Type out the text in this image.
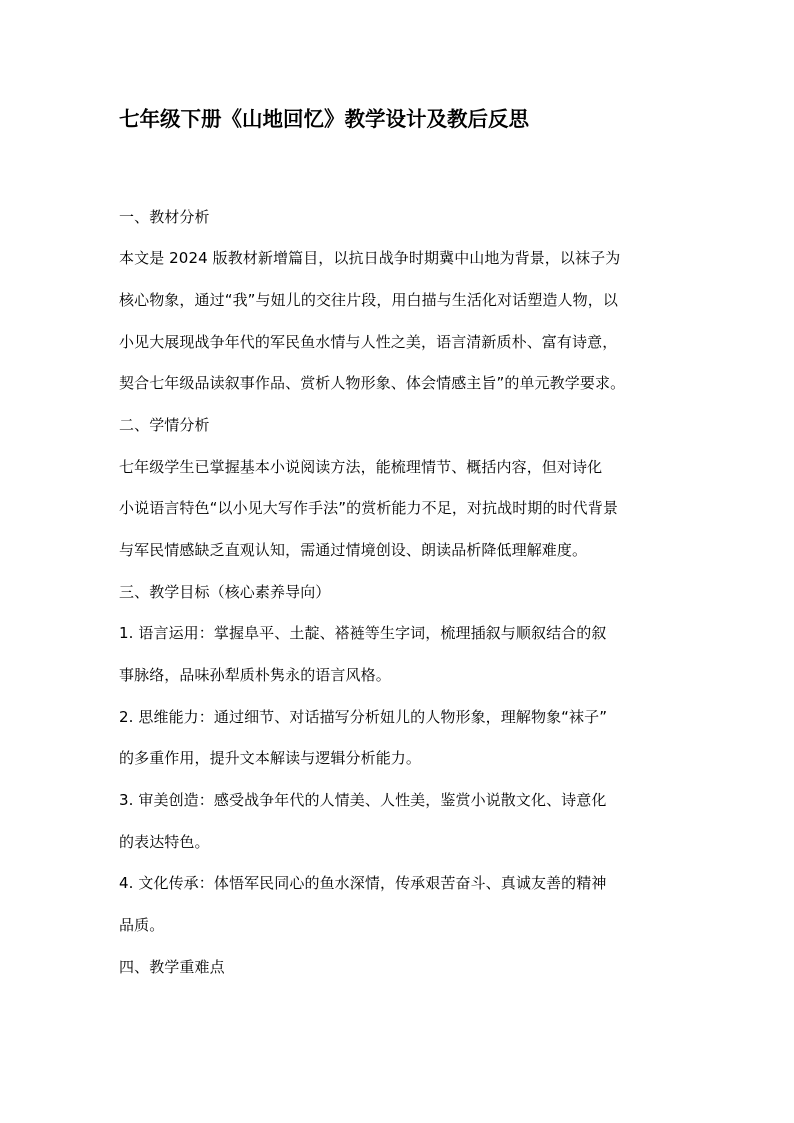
七年级下册《山地回忆》教学设计及教后反思
一、教材分析
本文是 2024 版教材新增篇目，以抗日战争时期冀中山地为背景，以袜子为
核心物象，通过“我”与妞儿的交往片段，用白描与生活化对话塑造人物，以
小见大展现战争年代的军民鱼水情与人性之美，语言清新质朴、富有诗意，
契合七年级品读叙事作品、赏析人物形象、体会情感主旨”的单元教学要求。
二、学情分析
七年级学生已掌握基本小说阅读方法，能梳理情节、概括内容，但对诗化
小说语言特色“以小见大写作手法”的赏析能力不足，对抗战时期的时代背景
与军民情感缺乏直观认知，需通过情境创设、朗读品析降低理解难度。
三、教学目标（核心素养导向）
1. 语言运用：掌握阜平、土靛、褡裢等生字词，梳理插叙与顺叙结合的叙
事脉络，品味孙犁质朴隽永的语言风格。
2. 思维能力：通过细节、对话描写分析妞儿的人物形象，理解物象“袜子”
的多重作用，提升文本解读与逻辑分析能力。
3. 审美创造：感受战争年代的人情美、人性美，鉴赏小说散文化、诗意化
的表达特色。
4. 文化传承：体悟军民同心的鱼水深情，传承艰苦奋斗、真诚友善的精神
品质。
四、教学重难点
